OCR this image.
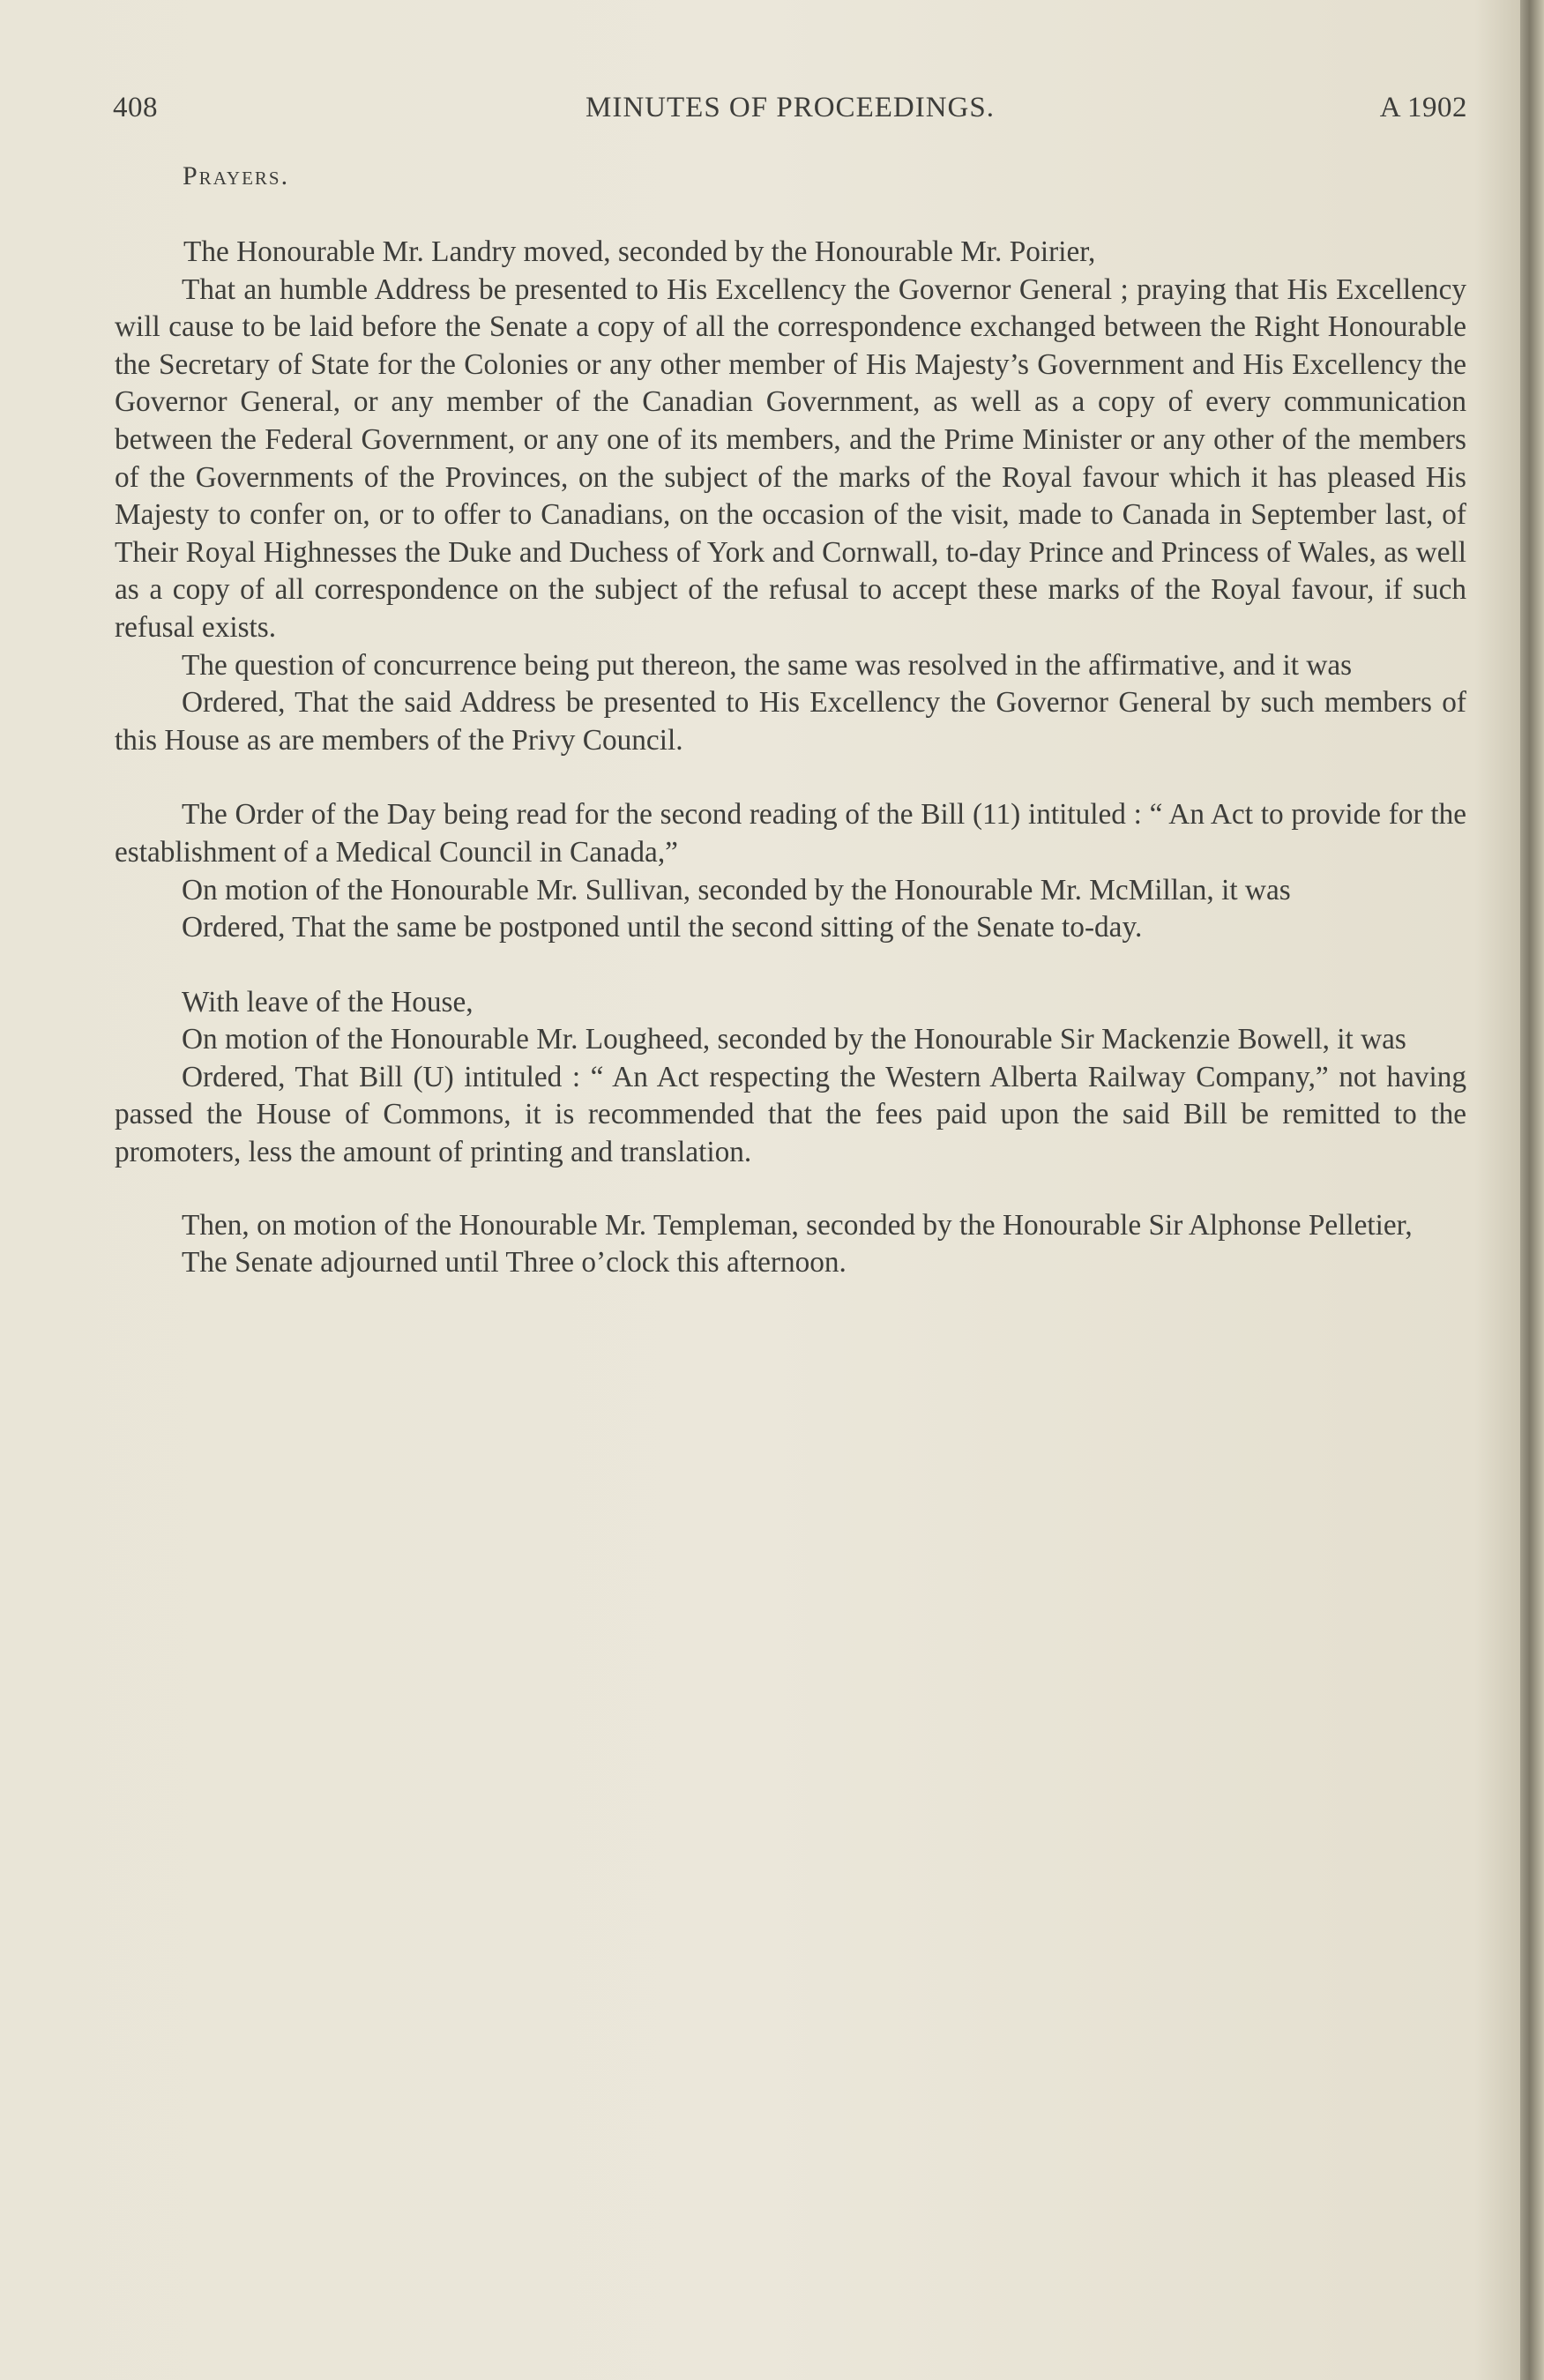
408	MINUTES OF PROCEEDINGS.	A 1902
Prayers.

The Honourable Mr. Landry moved, seconded by the Honourable Mr. Poirier,

That an humble Address be presented to His Excellency the Governor General ; praying that His Excellency will cause to be laid before the Senate a copy of all the correspondence exchanged between the Right Honourable the Secretary of State for the Colonies or any other member of His Majesty’s Government and His Excellency the Governor General, or any member of the Canadian Government, as well as a copy of every communication between the Federal Government, or any one of its members, and the Prime Minister or any other of the members of the Governments of the Provinces, on the subject of the marks of the Royal favour which it has pleased His Majesty to confer on, or to offer to Canadians, on the occasion of the visit, made to Canada in September last, of Their Royal Highnesses the Duke and Duchess of York and Cornwall, to-day Prince and Princess of Wales, as well as a copy of all correspondence on the subject of the refusal to accept these marks of the Royal favour, if such refusal exists.

The question of concurrence being put thereon, the same was resolved in the affirmative, and it was

Ordered, That the said Address be presented to His Excellency the Governor General by such members of this House as are members of the Privy Council.

The Order of the Day being read for the second reading of the Bill (11) intituled : “ An Act to provide for the establishment of a Medical Council in Canada,”

On motion of the Honourable Mr. Sullivan, seconded by the Honourable Mr. McMillan, it was

Ordered, That the same be postponed until the second sitting of the Senate to-day.

With leave of the House,

On motion of the Honourable Mr. Lougheed, seconded by the Honourable Sir Mackenzie Bowell, it was

Ordered, That Bill (U) intituled : “ An Act respecting the Western Alberta Railway Company,” not having passed the House of Commons, it is recommended that the fees paid upon the said Bill be remitted to the promoters, less the amount of printing and translation.

Then, on motion of the Honourable Mr. Templeman, seconded by the Honourable Sir Alphonse Pelletier,

The Senate adjourned until Three o’clock this afternoon.
